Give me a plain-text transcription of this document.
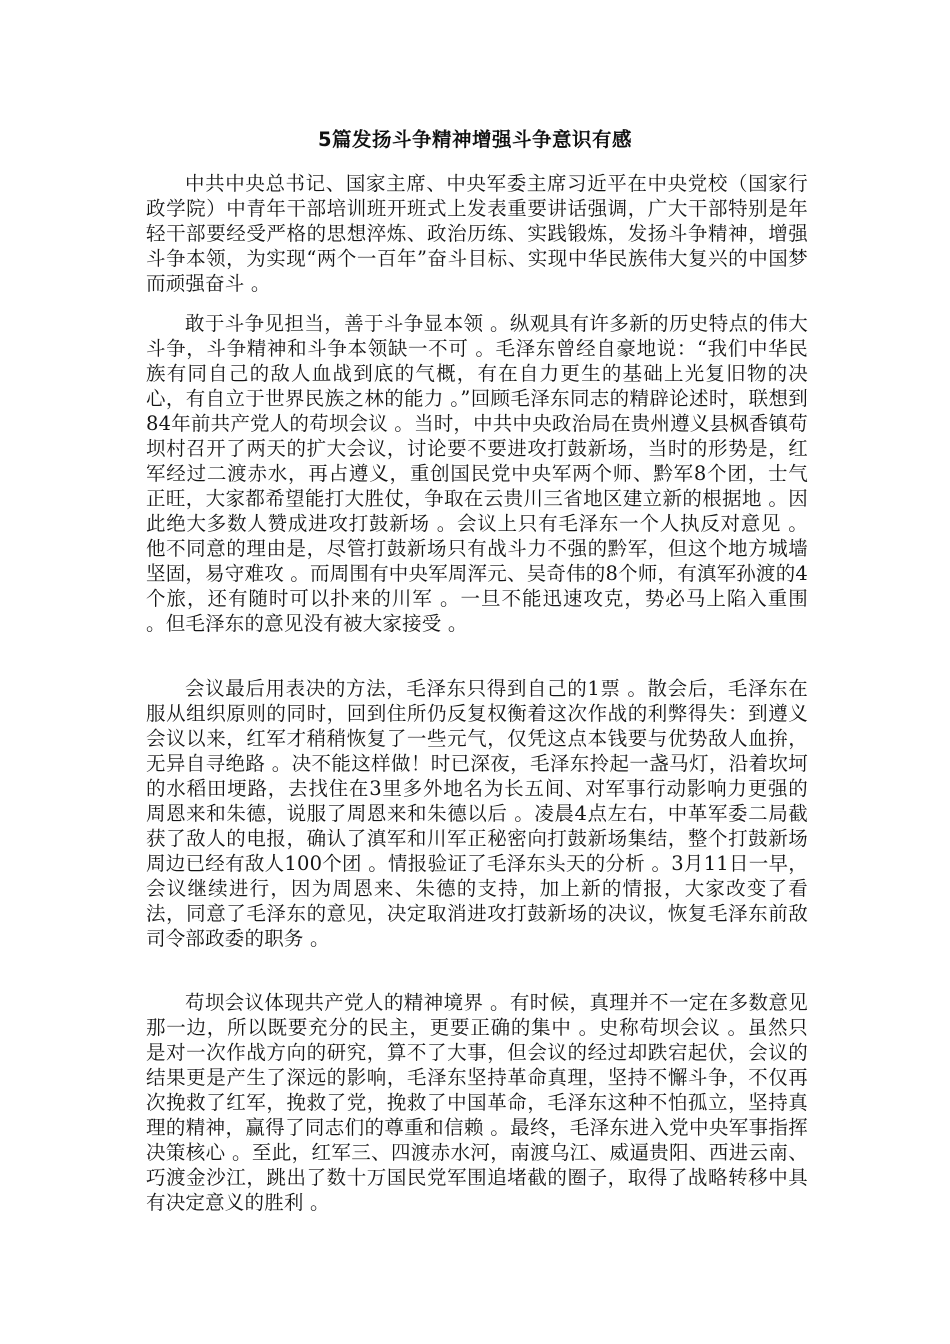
5篇发扬斗争精神增强斗争意识有感

中共中央总书记、国家主席、中央军委主席习近平在中央党校（国家行政学院）中青年干部培训班开班式上发表重要讲话强调，广大干部特别是年轻干部要经受严格的思想淬炼、政治历练、实践锻炼，发扬斗争精神，增强斗争本领，为实现“两个一百年”奋斗目标、实现中华民族伟大复兴的中国梦而顽强奋斗 。

敢于斗争见担当，善于斗争显本领 。纵观具有许多新的历史特点的伟大斗争，斗争精神和斗争本领缺一不可 。毛泽东曾经自豪地说：“我们中华民族有同自己的敌人血战到底的气概，有在自力更生的基础上光复旧物的决心，有自立于世界民族之林的能力 。”回顾毛泽东同志的精辟论述时，联想到84年前共产党人的苟坝会议 。当时，中共中央政治局在贵州遵义县枫香镇苟坝村召开了两天的扩大会议，讨论要不要进攻打鼓新场，当时的形势是，红军经过二渡赤水，再占遵义，重创国民党中央军两个师、黔军8个团，士气正旺，大家都希望能打大胜仗，争取在云贵川三省地区建立新的根据地 。因此绝大多数人赞成进攻打鼓新场 。会议上只有毛泽东一个人执反对意见 。他不同意的理由是，尽管打鼓新场只有战斗力不强的黔军，但这个地方城墙坚固，易守难攻 。而周围有中央军周浑元、吴奇伟的8个师，有滇军孙渡的4个旅，还有随时可以扑来的川军 。一旦不能迅速攻克，势必马上陷入重围 。但毛泽东的意见没有被大家接受 。

会议最后用表决的方法，毛泽东只得到自己的1票 。散会后，毛泽东在服从组织原则的同时，回到住所仍反复权衡着这次作战的利弊得失：到遵义会议以来，红军才稍稍恢复了一些元气，仅凭这点本钱要与优势敌人血拚，无异自寻绝路 。决不能这样做！时已深夜，毛泽东拎起一盏马灯，沿着坎坷的水稻田埂路，去找住在3里多外地名为长五间、对军事行动影响力更强的周恩来和朱德，说服了周恩来和朱德以后 。凌晨4点左右，中革军委二局截获了敌人的电报，确认了滇军和川军正秘密向打鼓新场集结，整个打鼓新场周边已经有敌人100个团 。情报验证了毛泽东头天的分析 。3月11日一早，会议继续进行，因为周恩来、朱德的支持，加上新的情报，大家改变了看法，同意了毛泽东的意见，决定取消进攻打鼓新场的决议，恢复毛泽东前敌司令部政委的职务 。

苟坝会议体现共产党人的精神境界 。有时候，真理并不一定在多数意见那一边，所以既要充分的民主，更要正确的集中 。史称苟坝会议 。虽然只是对一次作战方向的研究，算不了大事，但会议的经过却跌宕起伏，会议的结果更是产生了深远的影响，毛泽东坚持革命真理，坚持不懈斗争，不仅再次挽救了红军，挽救了党，挽救了中国革命，毛泽东这种不怕孤立，坚持真理的精神，赢得了同志们的尊重和信赖 。最终，毛泽东进入党中央军事指挥决策核心 。至此，红军三、四渡赤水河，南渡乌江、威逼贵阳、西进云南、巧渡金沙江，跳出了数十万国民党军围追堵截的圈子，取得了战略转移中具有决定意义的胜利 。
